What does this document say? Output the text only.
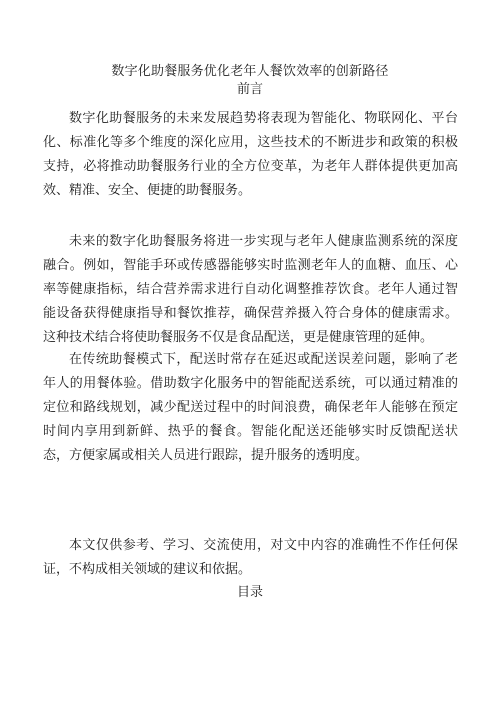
数字化助餐服务优化老年人餐饮效率的创新路径
前言

数字化助餐服务的未来发展趋势将表现为智能化、物联网化、平台化、标准化等多个维度的深化应用，这些技术的不断进步和政策的积极支持，必将推动助餐服务行业的全方位变革，为老年人群体提供更加高效、精准、安全、便捷的助餐服务。

未来的数字化助餐服务将进一步实现与老年人健康监测系统的深度融合。例如，智能手环或传感器能够实时监测老年人的血糖、血压、心率等健康指标，结合营养需求进行自动化调整推荐饮食。老年人通过智能设备获得健康指导和餐饮推荐，确保营养摄入符合身体的健康需求。这种技术结合将使助餐服务不仅是食品配送，更是健康管理的延伸。

在传统助餐模式下，配送时常存在延迟或配送误差问题，影响了老年人的用餐体验。借助数字化服务中的智能配送系统，可以通过精准的定位和路线规划，减少配送过程中的时间浪费，确保老年人能够在预定时间内享用到新鲜、热乎的餐食。智能化配送还能够实时反馈配送状态，方便家属或相关人员进行跟踪，提升服务的透明度。

本文仅供参考、学习、交流使用，对文中内容的准确性不作任何保证，不构成相关领域的建议和依据。

目录
